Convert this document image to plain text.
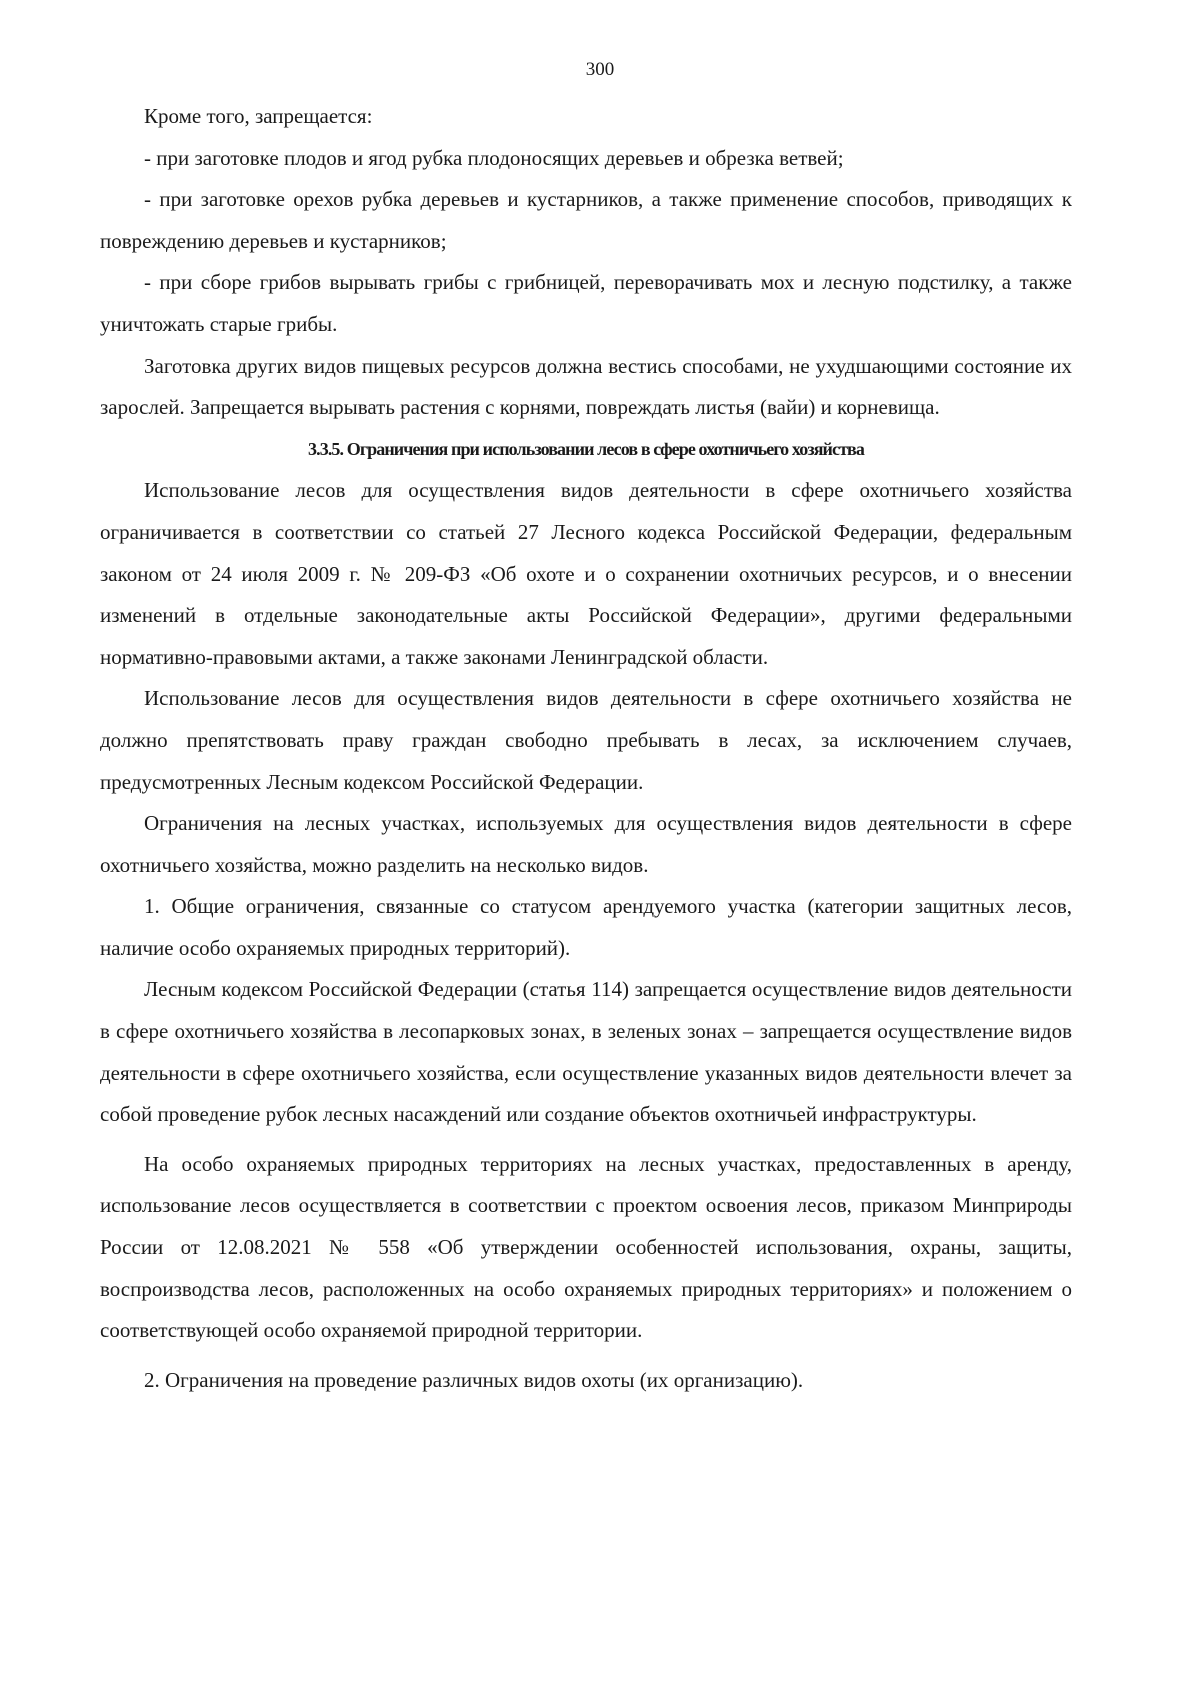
300

Кроме того, запрещается:

- при заготовке плодов и ягод рубка плодоносящих деревьев и обрезка ветвей;

- при заготовке орехов рубка деревьев и кустарников, а также применение способов, приводящих к повреждению деревьев и кустарников;

- при сборе грибов вырывать грибы с грибницей, переворачивать мох и лесную подстилку, а также уничтожать старые грибы.

Заготовка других видов пищевых ресурсов должна вестись способами, не ухудшающими состояние их зарослей. Запрещается вырывать растения с корнями, повреждать листья (вайи) и корневища.

3.3.5. Ограничения при использовании лесов в сфере охотничьего хозяйства

Использование лесов для осуществления видов деятельности в сфере охотничьего хозяйства ограничивается в соответствии со статьей 27 Лесного кодекса Российской Федерации, федеральным законом от 24 июля 2009 г. № 209-ФЗ «Об охоте и о сохранении охотничьих ресурсов, и о внесении изменений в отдельные законодательные акты Российской Федерации», другими федеральными нормативно-правовыми актами, а также законами Ленинградской области.

Использование лесов для осуществления видов деятельности в сфере охотничьего хозяйства не должно препятствовать праву граждан свободно пребывать в лесах, за исключением случаев, предусмотренных Лесным кодексом Российской Федерации.

Ограничения на лесных участках, используемых для осуществления видов деятельности в сфере охотничьего хозяйства, можно разделить на несколько видов.

1. Общие ограничения, связанные со статусом арендуемого участка (категории защитных лесов, наличие особо охраняемых природных территорий).

Лесным кодексом Российской Федерации (статья 114) запрещается осуществление видов деятельности в сфере охотничьего хозяйства в лесопарковых зонах, в зеленых зонах – запрещается осуществление видов деятельности в сфере охотничьего хозяйства, если осуществление указанных видов деятельности влечет за собой проведение рубок лесных насаждений или создание объектов охотничьей инфраструктуры.

На особо охраняемых природных территориях на лесных участках, предоставленных в аренду, использование лесов осуществляется в соответствии с проектом освоения лесов, приказом Минприроды России от 12.08.2021 № 558 «Об утверждении особенностей использования, охраны, защиты, воспроизводства лесов, расположенных на особо охраняемых природных территориях» и положением о соответствующей особо охраняемой природной территории.

2. Ограничения на проведение различных видов охоты (их организацию).
